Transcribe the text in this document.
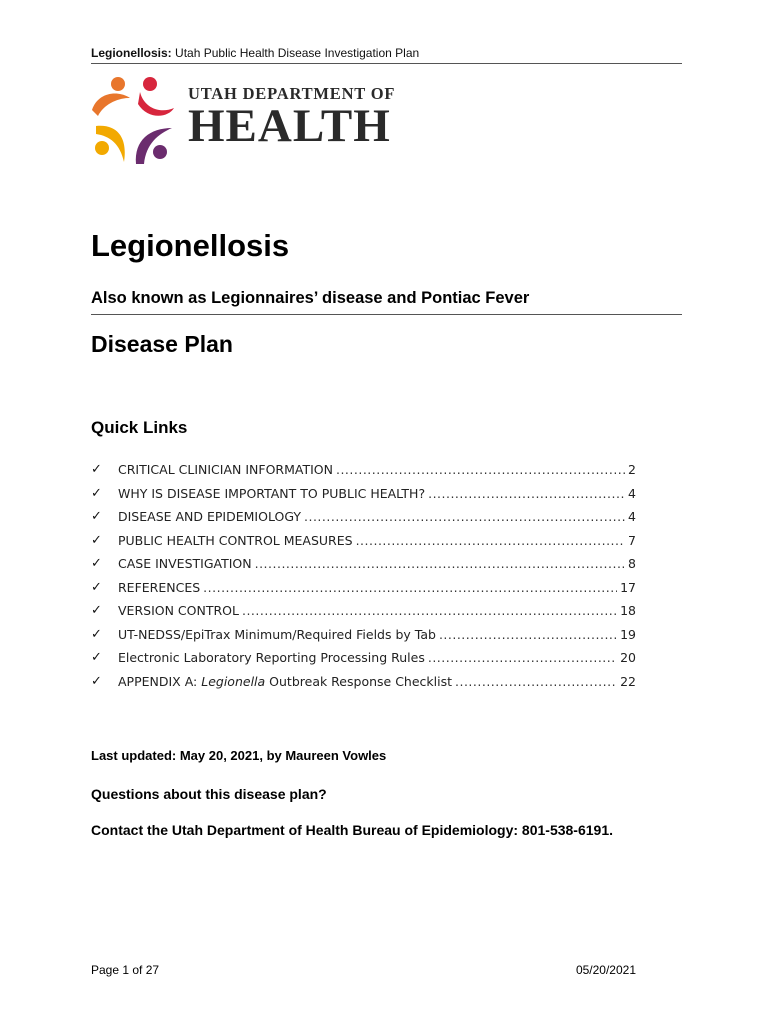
Legionellosis: Utah Public Health Disease Investigation Plan
UTAH DEPARTMENT OF
HEALTH
Legionellosis
Also known as Legionnaires’ disease and Pontiac Fever
Disease Plan
Quick Links
✓	CRITICAL CLINICIAN INFORMATION .....	2
✓	WHY IS DISEASE IMPORTANT TO PUBLIC HEALTH? .....	4
✓	DISEASE AND EPIDEMIOLOGY .....	4
✓	PUBLIC HEALTH CONTROL MEASURES .....	7
✓	CASE INVESTIGATION .....	8
✓	REFERENCES .....	17
✓	VERSION CONTROL .....	18
✓	UT-NEDSS/EpiTrax Minimum/Required Fields by Tab .....	19
✓	Electronic Laboratory Reporting Processing Rules .....	20
✓	APPENDIX A: Legionella Outbreak Response Checklist .....	22
Last updated: May 20, 2021, by Maureen Vowles
Questions about this disease plan?
Contact the Utah Department of Health Bureau of Epidemiology: 801-538-6191.
Page 1 of 27	05/20/2021
